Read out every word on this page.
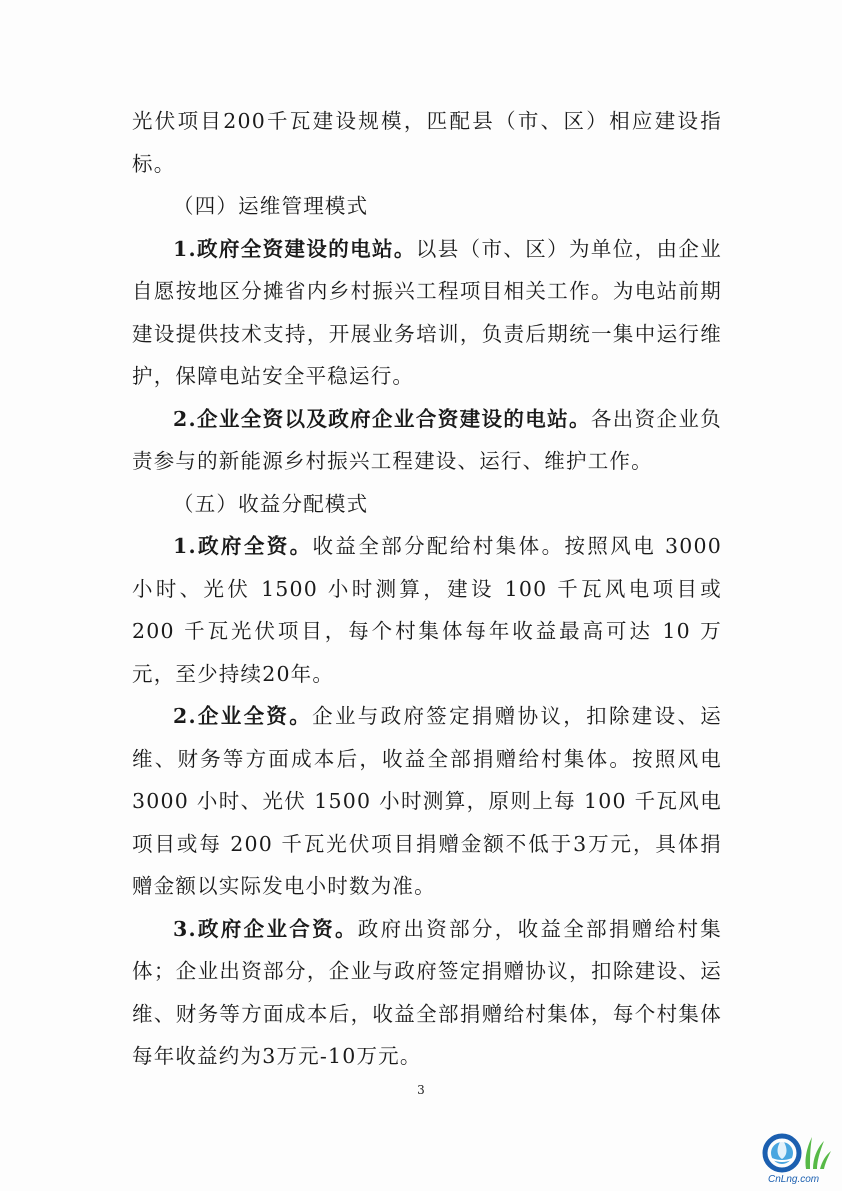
光伏项目200千瓦建设规模，匹配县（市、区）相应建设指标。

（四）运维管理模式

1.政府全资建设的电站。以县（市、区）为单位，由企业自愿按地区分摊省内乡村振兴工程项目相关工作。为电站前期建设提供技术支持，开展业务培训，负责后期统一集中运行维护，保障电站安全平稳运行。

2.企业全资以及政府企业合资建设的电站。各出资企业负责参与的新能源乡村振兴工程建设、运行、维护工作。

（五）收益分配模式

1.政府全资。收益全部分配给村集体。按照风电 3000 小时、光伏 1500 小时测算，建设 100 千瓦风电项目或 200 千瓦光伏项目，每个村集体每年收益最高可达 10 万元，至少持续20年。

2.企业全资。企业与政府签定捐赠协议，扣除建设、运维、财务等方面成本后，收益全部捐赠给村集体。按照风电 3000 小时、光伏 1500 小时测算，原则上每 100 千瓦风电项目或每 200 千瓦光伏项目捐赠金额不低于3万元，具体捐赠金额以实际发电小时数为准。

3.政府企业合资。政府出资部分，收益全部捐赠给村集体；企业出资部分，企业与政府签定捐赠协议，扣除建设、运维、财务等方面成本后，收益全部捐赠给村集体，每个村集体每年收益约为3万元-10万元。

3
CnLng.com
